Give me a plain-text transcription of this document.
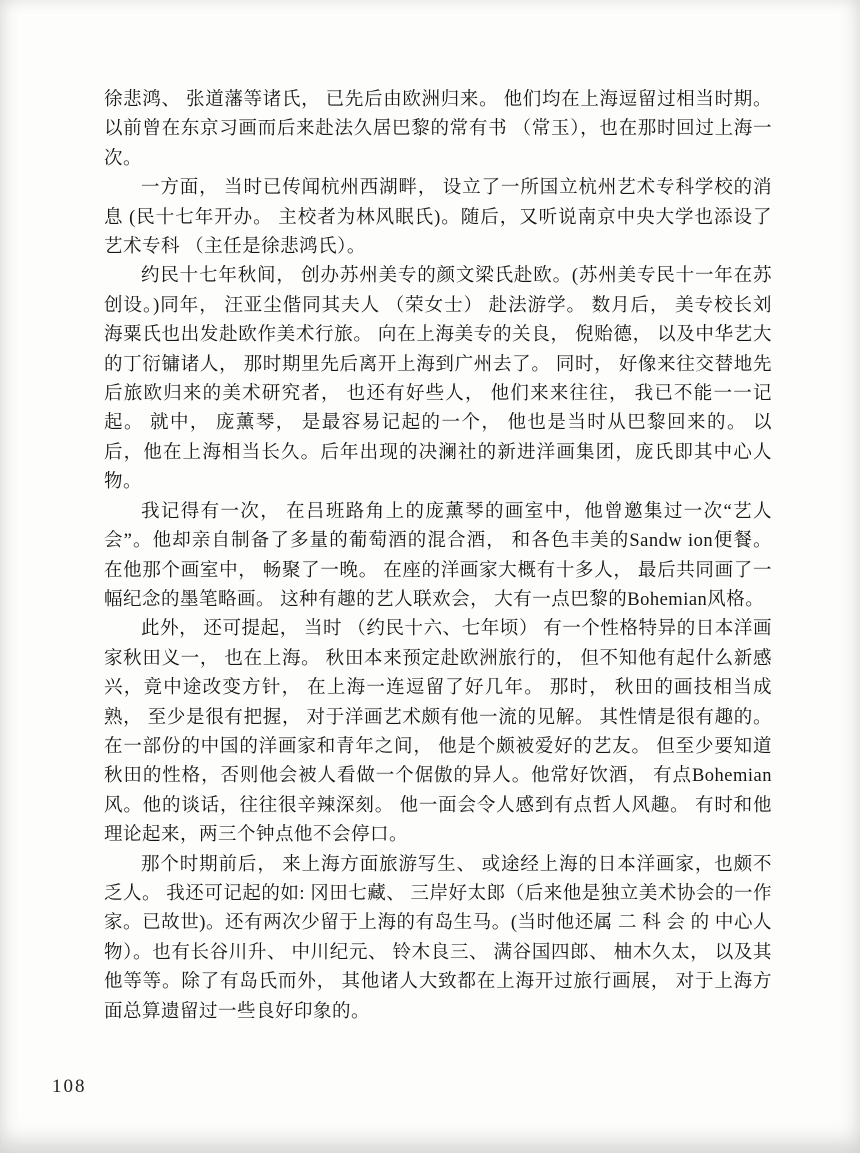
徐悲鸿、 张道藩等诸氏， 已先后由欧洲归来。 他们均在上海逗留过相当时期。 以前曾在东京习画而后来赴法久居巴黎的常有书 （常玉），也在那时回过上海一次。

一方面， 当时已传闻杭州西湖畔， 设立了一所国立杭州艺术专科学校的消息 (民十七年开办。 主校者为林风眠氏)。随后，又听说南京中央大学也添设了艺术专科 （主任是徐悲鸿氏）。

约民十七年秋间， 创办苏州美专的颜文梁氏赴欧。(苏州美专民十一年在苏创设。)同年， 汪亚尘偕同其夫人 （荣女士） 赴法游学。 数月后， 美专校长刘海粟氏也出发赴欧作美术行旅。 向在上海美专的关良， 倪贻德， 以及中华艺大的丁衍镛诸人， 那时期里先后离开上海到广州去了。 同时， 好像来往交替地先后旅欧归来的美术研究者， 也还有好些人， 他们来来往往， 我已不能一一记起。 就中， 庞薰琴， 是最容易记起的一个， 他也是当时从巴黎回来的。 以后，他在上海相当长久。后年出现的决澜社的新进洋画集团，庞氏即其中心人物。

我记得有一次， 在吕班路角上的庞薰琴的画室中，他曾邀集过一次“艺人会”。他却亲自制备了多量的葡萄酒的混合酒， 和各色丰美的Sandw ion便餐。 在他那个画室中， 畅聚了一晚。 在座的洋画家大概有十多人， 最后共同画了一幅纪念的墨笔略画。 这种有趣的艺人联欢会， 大有一点巴黎的Bohemian风格。

此外， 还可提起， 当时 （约民十六、七年顷） 有一个性格特异的日本洋画家秋田义一， 也在上海。 秋田本来预定赴欧洲旅行的， 但不知他有起什么新感兴，竟中途改变方针， 在上海一连逗留了好几年。 那时， 秋田的画技相当成熟， 至少是很有把握， 对于洋画艺术颇有他一流的见解。 其性情是很有趣的。 在一部份的中国的洋画家和青年之间， 他是个颇被爱好的艺友。 但至少要知道秋田的性格，否则他会被人看做一个倨傲的异人。他常好饮酒， 有点Bohemian风。他的谈话，往往很辛辣深刻。 他一面会令人感到有点哲人风趣。 有时和他理论起来，两三个钟点他不会停口。

那个时期前后， 来上海方面旅游写生、 或途经上海的日本洋画家，也颇不乏人。 我还可记起的如: 冈田七藏、 三岸好太郎（后来他是独立美术协会的一作家。已故世)。还有两次少留于上海的有岛生马。(当时他还属 二 科 会 的 中心人物）。也有长谷川升、 中川纪元、 铃木良三、 满谷国四郎、 柚木久太， 以及其他等等。除了有岛氏而外， 其他诸人大致都在上海开过旅行画展， 对于上海方面总算遗留过一些良好印象的。

108
